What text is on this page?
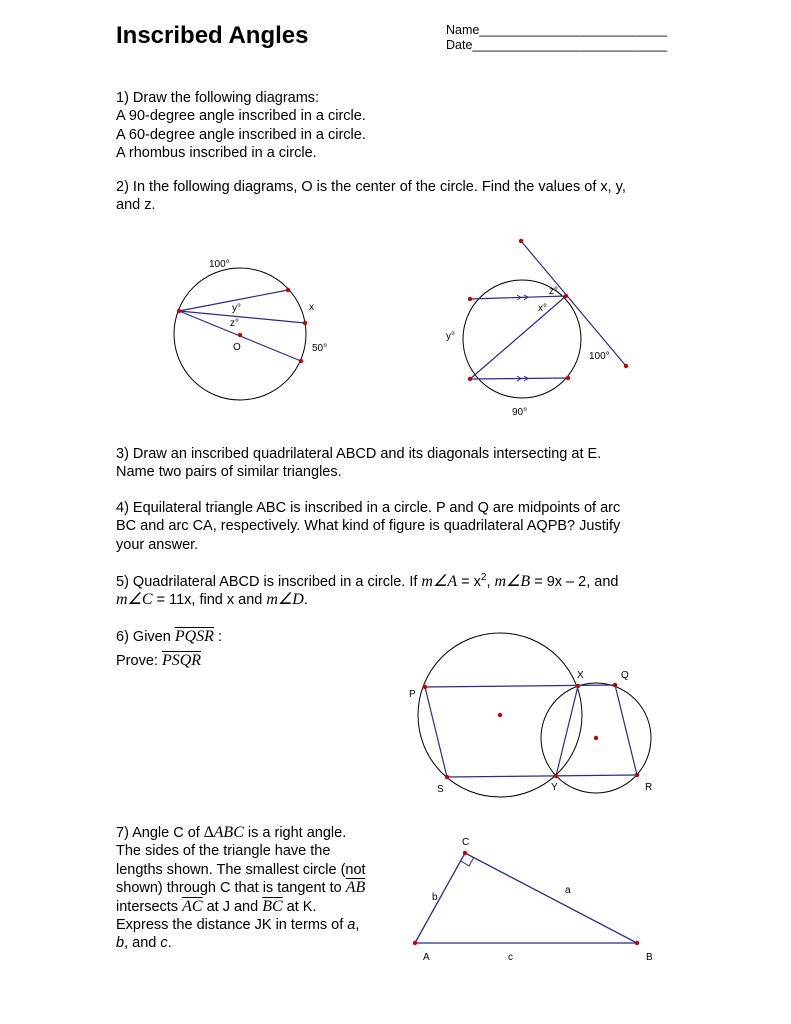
Inscribed Angles	Name___________________________
Date____________________________
1) Draw the following diagrams:
A 90-degree angle inscribed in a circle.
A 60-degree angle inscribed in a circle.
A rhombus inscribed in a circle.
2) In the following diagrams, O is the center of the circle. Find the values of x, y,
and z.
3) Draw an inscribed quadrilateral ABCD and its diagonals intersecting at E.
Name two pairs of similar triangles.
4) Equilateral triangle ABC is inscribed in a circle. P and Q are midpoints of arc
BC and arc CA, respectively. What kind of figure is quadrilateral AQPB? Justify
your answer.
5) Quadrilateral ABCD is inscribed in a circle. If m∠A = $x^2$, m∠B = 9x – 2, and
m∠C = 11x, find x and m∠D.
6) Given $\overline{PQ}\overline{SR}$ :
Prove: $\overline{PS}\overline{QR}$
7) Angle C of ∆ABC is a right angle.
The sides of the triangle have the
lengths shown. The smallest circle (not
shown) through C that is tangent to $\overline{AB}$
intersects $\overline{AC}$ at J and $\overline{BC}$ at K.
Express the distance JK in terms of a,
b, and c.
100°
x
y°
z°
O	50°
z°
x°
y°
100°
90°
P
X	Q
S	Y	R
C
a
b
A	c	B
